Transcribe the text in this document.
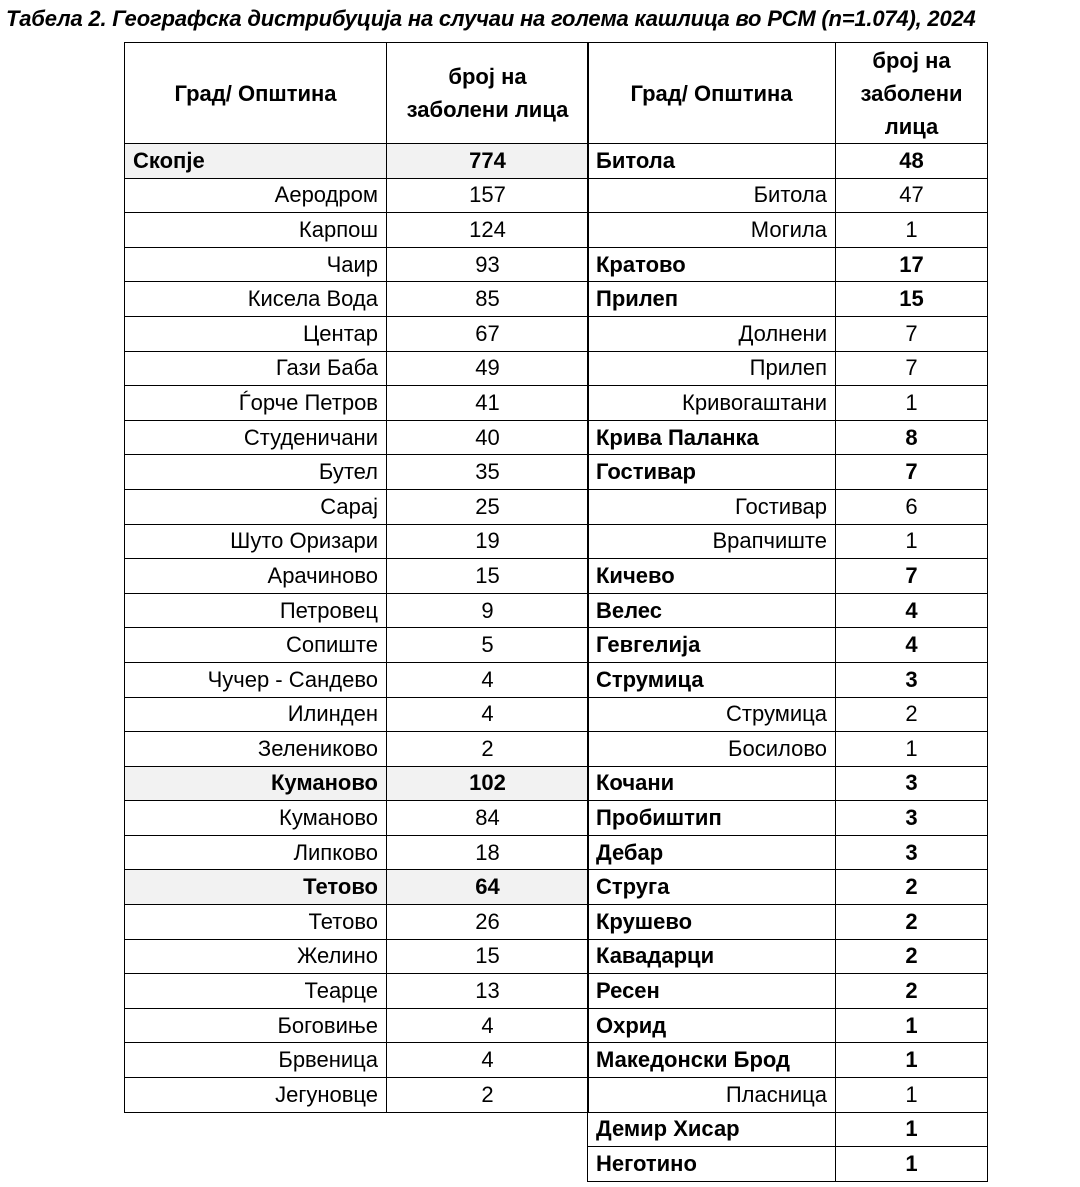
Табела 2. Географска дистрибуција на случаи на голема кашлица во РСМ (n=1.074), 2024
Град/ Општина	број на заболени лица
Скопје	774
Аеродром	157
Карпош	124
Чаир	93
Кисела Вода	85
Центар	67
Гази Баба	49
Ѓорче Петров	41
Студеничани	40
Бутел	35
Сарај	25
Шуто Оризари	19
Арачиново	15
Петровец	9
Сопиште	5
Чучер - Сандево	4
Илинден	4
Зелениково	2
Куманово	102
Куманово	84
Липково	18
Тетово	64
Тетово	26
Желино	15
Теарце	13
Боговиње	4
Брвеница	4
Јегуновце	2
Град/ Општина	број на заболени лица
Битола	48
Битола	47
Могила	1
Кратово	17
Прилеп	15
Долнени	7
Прилеп	7
Кривогаштани	1
Крива Паланка	8
Гостивар	7
Гостивар	6
Врапчиште	1
Кичево	7
Велес	4
Гевгелија	4
Струмица	3
Струмица	2
Босилово	1
Кочани	3
Пробиштип	3
Дебар	3
Струга	2
Крушево	2
Кавадарци	2
Ресен	2
Охрид	1
Македонски Брод	1
Пласница	1
Демир Хисар	1
Неготино	1
